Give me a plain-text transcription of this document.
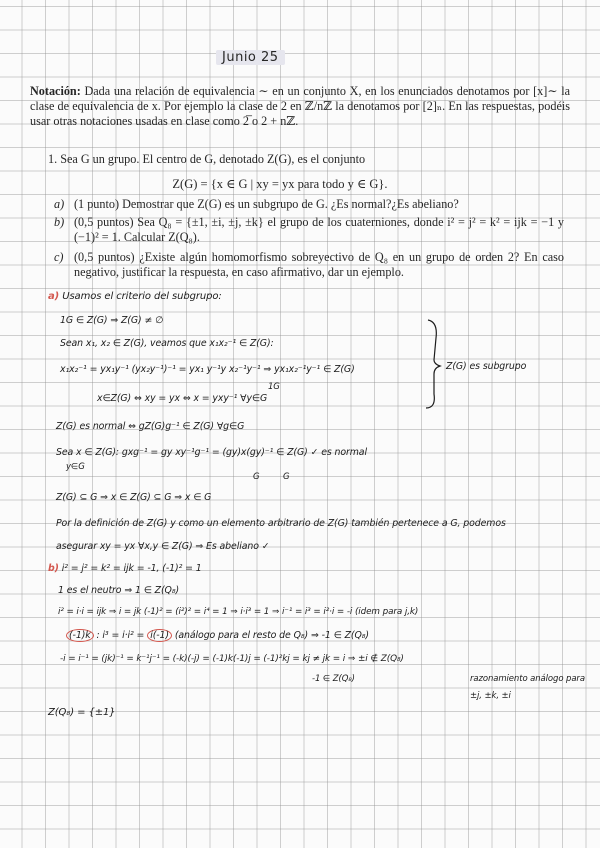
Junio 25
Notación: Dada una relación de equivalencia ∼ en un conjunto X, en los enunciados denotamos por [x]∼ la clase de equivalencia de x. Por ejemplo la clase de 2 en ℤ/nℤ la denotamos por [2]ₙ. En las respuestas, podéis usar otras notaciones usadas en clase como 2̅ o 2 + nℤ.
1. Sea G un grupo. El centro de G, denotado Z(G), es el conjunto
Z(G) = {x ∈ G | xy = yx para todo y ∈ G}.
a) (1 punto) Demostrar que Z(G) es un subgrupo de G. ¿Es normal?¿Es abeliano?
b) (0,5 puntos) Sea Q₈ = {±1, ±i, ±j, ±k} el grupo de los cuaterniones, donde i² = j² = k² = ijk = −1 y (−1)² = 1. Calcular Z(Q₈).
c) (0,5 puntos) ¿Existe algún homomorfismo sobreyectivo de Q₈ en un grupo de orden 2? En caso negativo, justificar la respuesta, en caso afirmativo, dar un ejemplo.
a) Usamos el criterio del subgrupo:
1G ∈ Z(G) ⇒ Z(G) ≠ ∅
Sean x₁, x₂ ∈ Z(G), veamos que x₁x₂⁻¹ ∈ Z(G):
x₁x₂⁻¹ = yx₁y⁻¹ (yx₂y⁻¹)⁻¹ = yx₁ y⁻¹y x₂⁻¹y⁻¹ ⇒ yx₁x₂⁻¹y⁻¹ ∈ Z(G)
1G
x∈Z(G) ⇔ xy = yx ⇔ x = yxy⁻¹ ∀y∈G
Z(G) es subgrupo
Z(G) es normal ⇔ gZ(G)g⁻¹ ∈ Z(G) ∀g∈G
Sea x ∈ Z(G): gxg⁻¹ = gy xy⁻¹g⁻¹ = (gy)x(gy)⁻¹ ∈ Z(G) ✓ es normal
y∈G
G	G
Z(G) ⊆ G ⇒ x ∈ Z(G) ⊆ G ⇒ x ∈ G
Por la definición de Z(G) y como un elemento arbitrario de Z(G) también pertenece a G, podemos
asegurar xy = yx ∀x,y ∈ Z(G) ⇒ Es abeliano ✓
b) i² = j² = k² = ijk = -1, (-1)² = 1
1 es el neutro ⇒ 1 ∈ Z(Q₈)
i² = i·i = ijk ⇒ i = jk (-1)² = (i²)² = i⁴ = 1 ⇒ i·i³ = 1 ⇒ i⁻¹ = i³ = i²·i = -i (idem para j,k)
(-1)k : i³ = i·i² = i(-1) (análogo para el resto de Q₈) ⇒ -1 ∈ Z(Q₈)
-i = i⁻¹ = (jk)⁻¹ = k⁻¹j⁻¹ = (-k)(-j) = (-1)k(-1)j = (-1)²kj = kj ≠ jk = i ⇒ ±i ∉ Z(Q₈)
-1 ∈ Z(Q₈)	razonamiento análogo para
±j, ±k, ±i
Z(Q₈) = {±1}
